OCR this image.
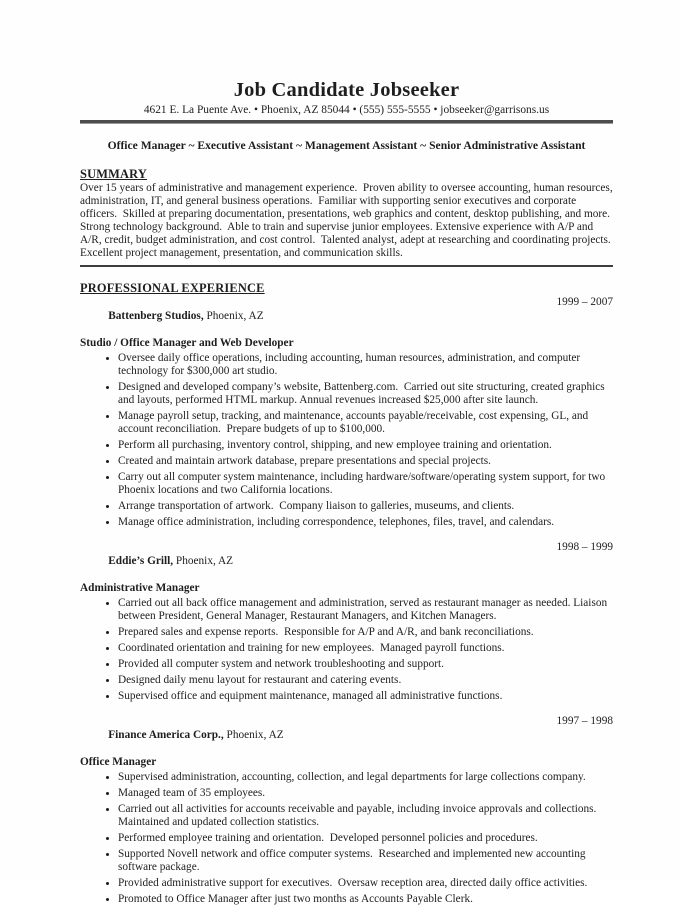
Job Candidate Jobseeker
4621 E. La Puente Ave. • Phoenix, AZ 85044 • (555) 555-5555 • jobseeker@garrisons.us
Office Manager ~ Executive Assistant ~ Management Assistant ~ Senior Administrative Assistant
SUMMARY

Over 15 years of administrative and management experience.  Proven ability to oversee accounting, human resources, administration, IT, and general business operations.  Familiar with supporting senior executives and corporate officers.  Skilled at preparing documentation, presentations, web graphics and content, desktop publishing, and more. Strong technology background.  Able to train and supervise junior employees. Extensive experience with A/P and A/R, credit, budget administration, and cost control.  Talented analyst, adept at researching and coordinating projects.  Excellent project management, presentation, and communication skills.

PROFESSIONAL EXPERIENCE

Battenberg Studios, Phoenix, AZ

1999 – 2007
Studio / Office Manager and Web Developer
• Oversee daily office operations, including accounting, human resources, administration, and computer technology for $300,000 art studio.
• Designed and developed company’s website, Battenberg.com.  Carried out site structuring, created graphics and layouts, performed HTML markup. Annual revenues increased $25,000 after site launch.
• Manage payroll setup, tracking, and maintenance, accounts payable/receivable, cost expensing, GL, and account reconciliation.  Prepare budgets of up to $100,000.
• Perform all purchasing, inventory control, shipping, and new employee training and orientation.
• Created and maintain artwork database, prepare presentations and special projects.
• Carry out all computer system maintenance, including hardware/software/operating system support, for two Phoenix locations and two California locations.
• Arrange transportation of artwork.  Company liaison to galleries, museums, and clients.
• Manage office administration, including correspondence, telephones, files, travel, and calendars.

Eddie’s Grill, Phoenix, AZ

1998 – 1999
Administrative Manager
• Carried out all back office management and administration, served as restaurant manager as needed. Liaison between President, General Manager, Restaurant Managers, and Kitchen Managers.
• Prepared sales and expense reports.  Responsible for A/P and A/R, and bank reconciliations.
• Coordinated orientation and training for new employees.  Managed payroll functions.
• Provided all computer system and network troubleshooting and support.
• Designed daily menu layout for restaurant and catering events.
• Supervised office and equipment maintenance, managed all administrative functions.

Finance America Corp., Phoenix, AZ

1997 – 1998
Office Manager
• Supervised administration, accounting, collection, and legal departments for large collections company.
• Managed team of 35 employees.
• Carried out all activities for accounts receivable and payable, including invoice approvals and collections.  Maintained and updated collection statistics.
• Performed employee training and orientation.  Developed personnel policies and procedures.
• Supported Novell network and office computer systems.  Researched and implemented new accounting software package.
• Provided administrative support for executives.  Oversaw reception area, directed daily office activities.
• Promoted to Office Manager after just two months as Accounts Payable Clerk.
